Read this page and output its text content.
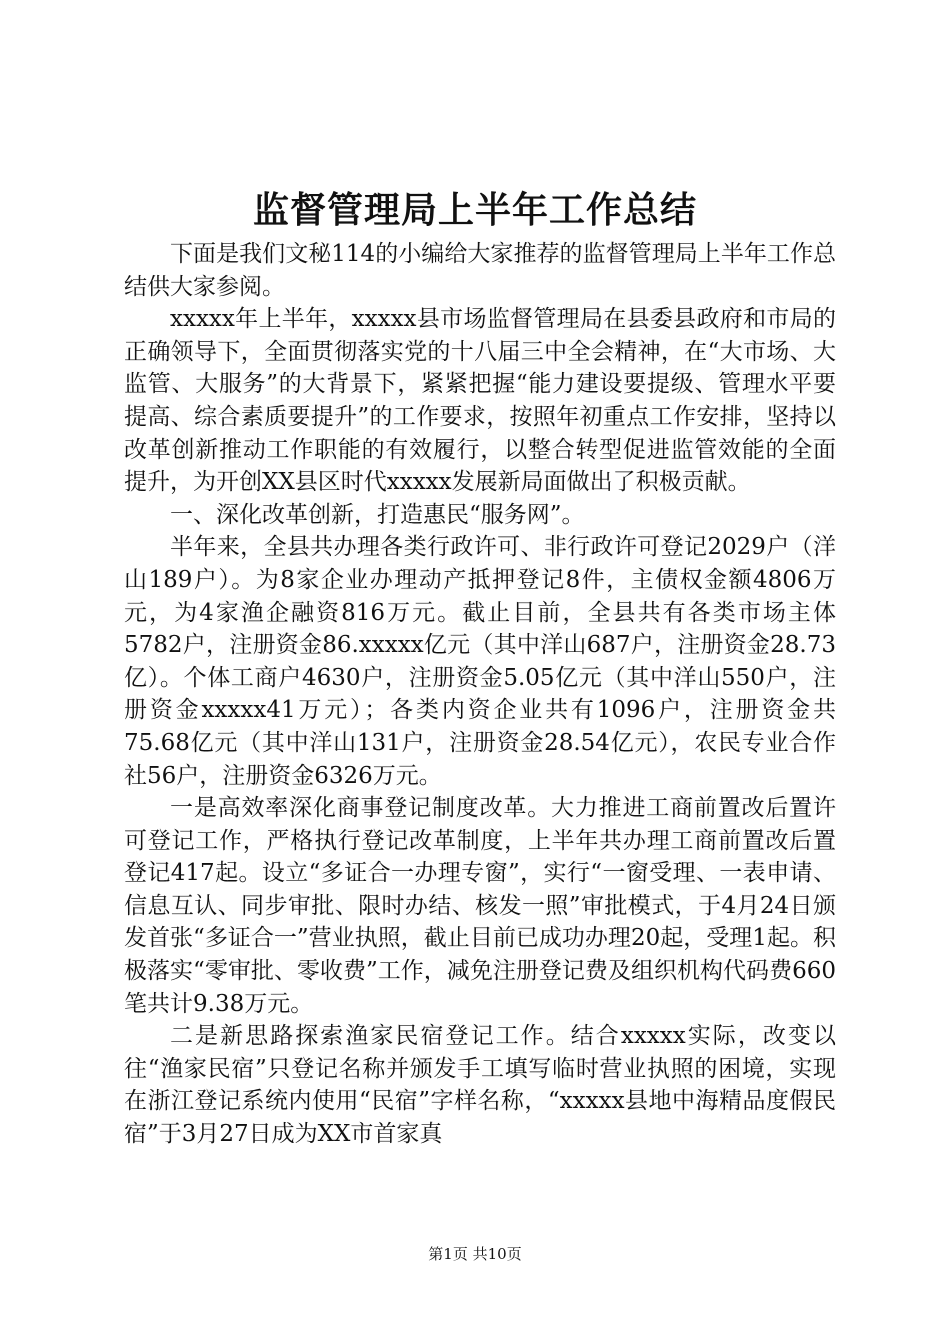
监督管理局上半年工作总结

下面是我们文秘114的小编给大家推荐的监督管理局上半年工作总结供大家参阅。

xxxxx年上半年，xxxxx县市场监督管理局在县委县政府和市局的正确领导下，全面贯彻落实党的十八届三中全会精神，在“大市场、大监管、大服务”的大背景下，紧紧把握“能力建设要提级、管理水平要提高、综合素质要提升”的工作要求，按照年初重点工作安排，坚持以改革创新推动工作职能的有效履行，以整合转型促进监管效能的全面提升，为开创XX县区时代xxxxx发展新局面做出了积极贡献。

一、深化改革创新，打造惠民“服务网”。

半年来，全县共办理各类行政许可、非行政许可登记2029户（洋山189户）。为8家企业办理动产抵押登记8件，主债权金额4806万元，为4家渔企融资816万元。截止目前，全县共有各类市场主体5782户，注册资金86.xxxxx亿元（其中洋山687户，注册资金28.73亿）。个体工商户4630户，注册资金5.05亿元（其中洋山550户，注册资金xxxxx41万元）；各类内资企业共有1096户，注册资金共75.68亿元（其中洋山131户，注册资金28.54亿元），农民专业合作社56户，注册资金6326万元。

一是高效率深化商事登记制度改革。大力推进工商前置改后置许可登记工作，严格执行登记改革制度，上半年共办理工商前置改后置登记417起。设立“多证合一办理专窗”，实行“一窗受理、一表申请、信息互认、同步审批、限时办结、核发一照”审批模式，于4月24日颁发首张“多证合一”营业执照，截止目前已成功办理20起，受理1起。积极落实“零审批、零收费”工作，减免注册登记费及组织机构代码费660笔共计9.38万元。

二是新思路探索渔家民宿登记工作。结合xxxxx实际，改变以往“渔家民宿”只登记名称并颁发手工填写临时营业执照的困境，实现在浙江登记系统内使用“民宿”字样名称，“xxxxx县地中海精品度假民宿”于3月27日成为XX市首家真

第1页 共10页
